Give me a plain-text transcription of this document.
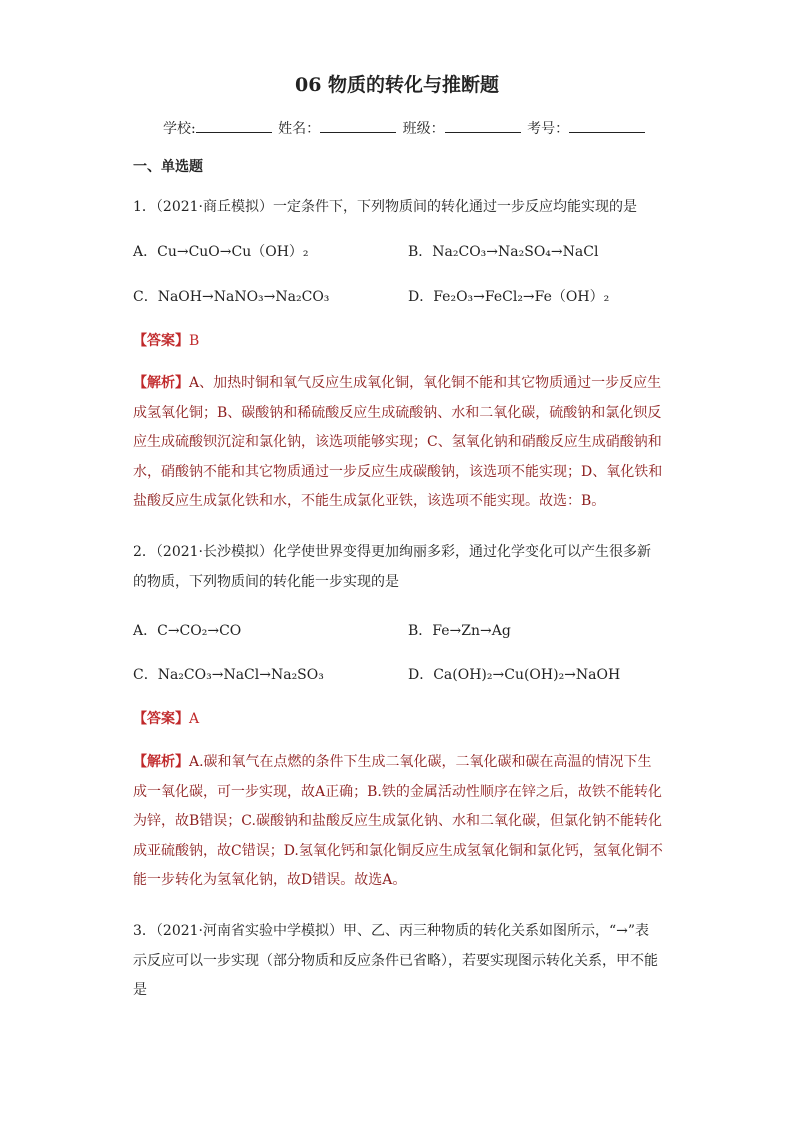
06 物质的转化与推断题
学校:	姓名：	班级：	考号：
一、单选题
1．（2021·商丘模拟）一定条件下，下列物质间的转化通过一步反应均能实现的是
A．Cu→CuO→Cu（OH）₂	B．Na₂CO₃→Na₂SO₄→NaCl
C．NaOH→NaNO₃→Na₂CO₃	D．Fe₂O₃→FeCl₂→Fe（OH）₂
【答案】B
【解析】A、加热时铜和氧气反应生成氧化铜，氧化铜不能和其它物质通过一步反应生成氢氧化铜；B、碳酸钠和稀硫酸反应生成硫酸钠、水和二氧化碳，硫酸钠和氯化钡反应生成硫酸钡沉淀和氯化钠，该选项能够实现；C、氢氧化钠和硝酸反应生成硝酸钠和水，硝酸钠不能和其它物质通过一步反应生成碳酸钠，该选项不能实现；D、氧化铁和盐酸反应生成氯化铁和水，不能生成氯化亚铁，该选项不能实现。故选：B。
2．（2021·长沙模拟）化学使世界变得更加绚丽多彩，通过化学变化可以产生很多新的物质，下列物质间的转化能一步实现的是
A．C→CO₂→CO	B．Fe→Zn→Ag
C．Na₂CO₃→NaCl→Na₂SO₃	D．Ca(OH)₂→Cu(OH)₂→NaOH
【答案】A
【解析】A.碳和氧气在点燃的条件下生成二氧化碳，二氧化碳和碳在高温的情况下生成一氧化碳，可一步实现，故A正确；B.铁的金属活动性顺序在锌之后，故铁不能转化为锌，故B错误；C.碳酸钠和盐酸反应生成氯化钠、水和二氧化碳，但氯化钠不能转化成亚硫酸钠，故C错误；D.氢氧化钙和氯化铜反应生成氢氧化铜和氯化钙，氢氧化铜不能一步转化为氢氧化钠，故D错误。故选A。
3．（2021·河南省实验中学模拟）甲、乙、丙三种物质的转化关系如图所示，“→”表示反应可以一步实现（部分物质和反应条件已省略），若要实现图示转化关系，甲不能是
